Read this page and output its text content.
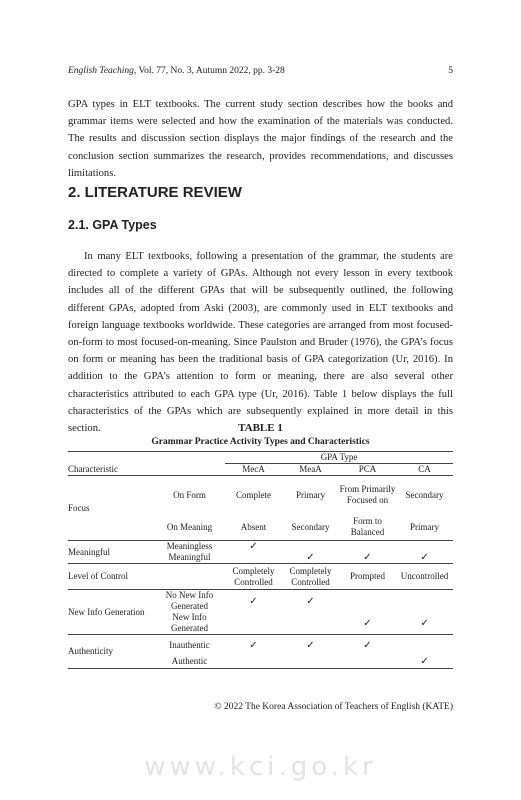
English Teaching, Vol. 77, No. 3, Autumn 2022, pp. 3-28	5

GPA types in ELT textbooks. The current study section describes how the books and grammar items were selected and how the examination of the materials was conducted. The results and discussion section displays the major findings of the research and the conclusion section summarizes the research, provides recommendations, and discusses limitations.

2. LITERATURE REVIEW
2.1. GPA Types

In many ELT textbooks, following a presentation of the grammar, the students are directed to complete a variety of GPAs. Although not every lesson in every textbook includes all of the different GPAs that will be subsequently outlined, the following different GPAs, adopted from Aski (2003), are commonly used in ELT textbooks and foreign language textbooks worldwide. These categories are arranged from most focused-on-form to most focused-on-meaning. Since Paulston and Bruder (1976), the GPA’s focus on form or meaning has been the traditional basis of GPA categorization (Ur, 2016). In addition to the GPA’s attention to form or meaning, there are also several other characteristics attributed to each GPA type (Ur, 2016). Table 1 below displays the full characteristics of the GPAs which are subsequently explained in more detail in this section.	TABLE 1
Grammar Practice Activity Types and Characteristics
		GPA Type			
Characteristic		MecA	MeaA	PCA	CA
Focus	On Form	Complete	Primary	From Primarily Focused on	Secondary
	On Meaning	Absent	Secondary	Form to Balanced	Primary
Meaningful	Meaningless	✓			
	Meaningful		✓	✓	✓
Level of Control		Completely Controlled	Completely Controlled	Prompted	Uncontrolled
New Info Generation	No New Info Generated	✓	✓		
	New Info Generated			✓	✓
Authenticity	Inauthentic	✓	✓	✓	
	Authentic				✓
© 2022 The Korea Association of Teachers of English (KATE)
www.kci.go.kr
